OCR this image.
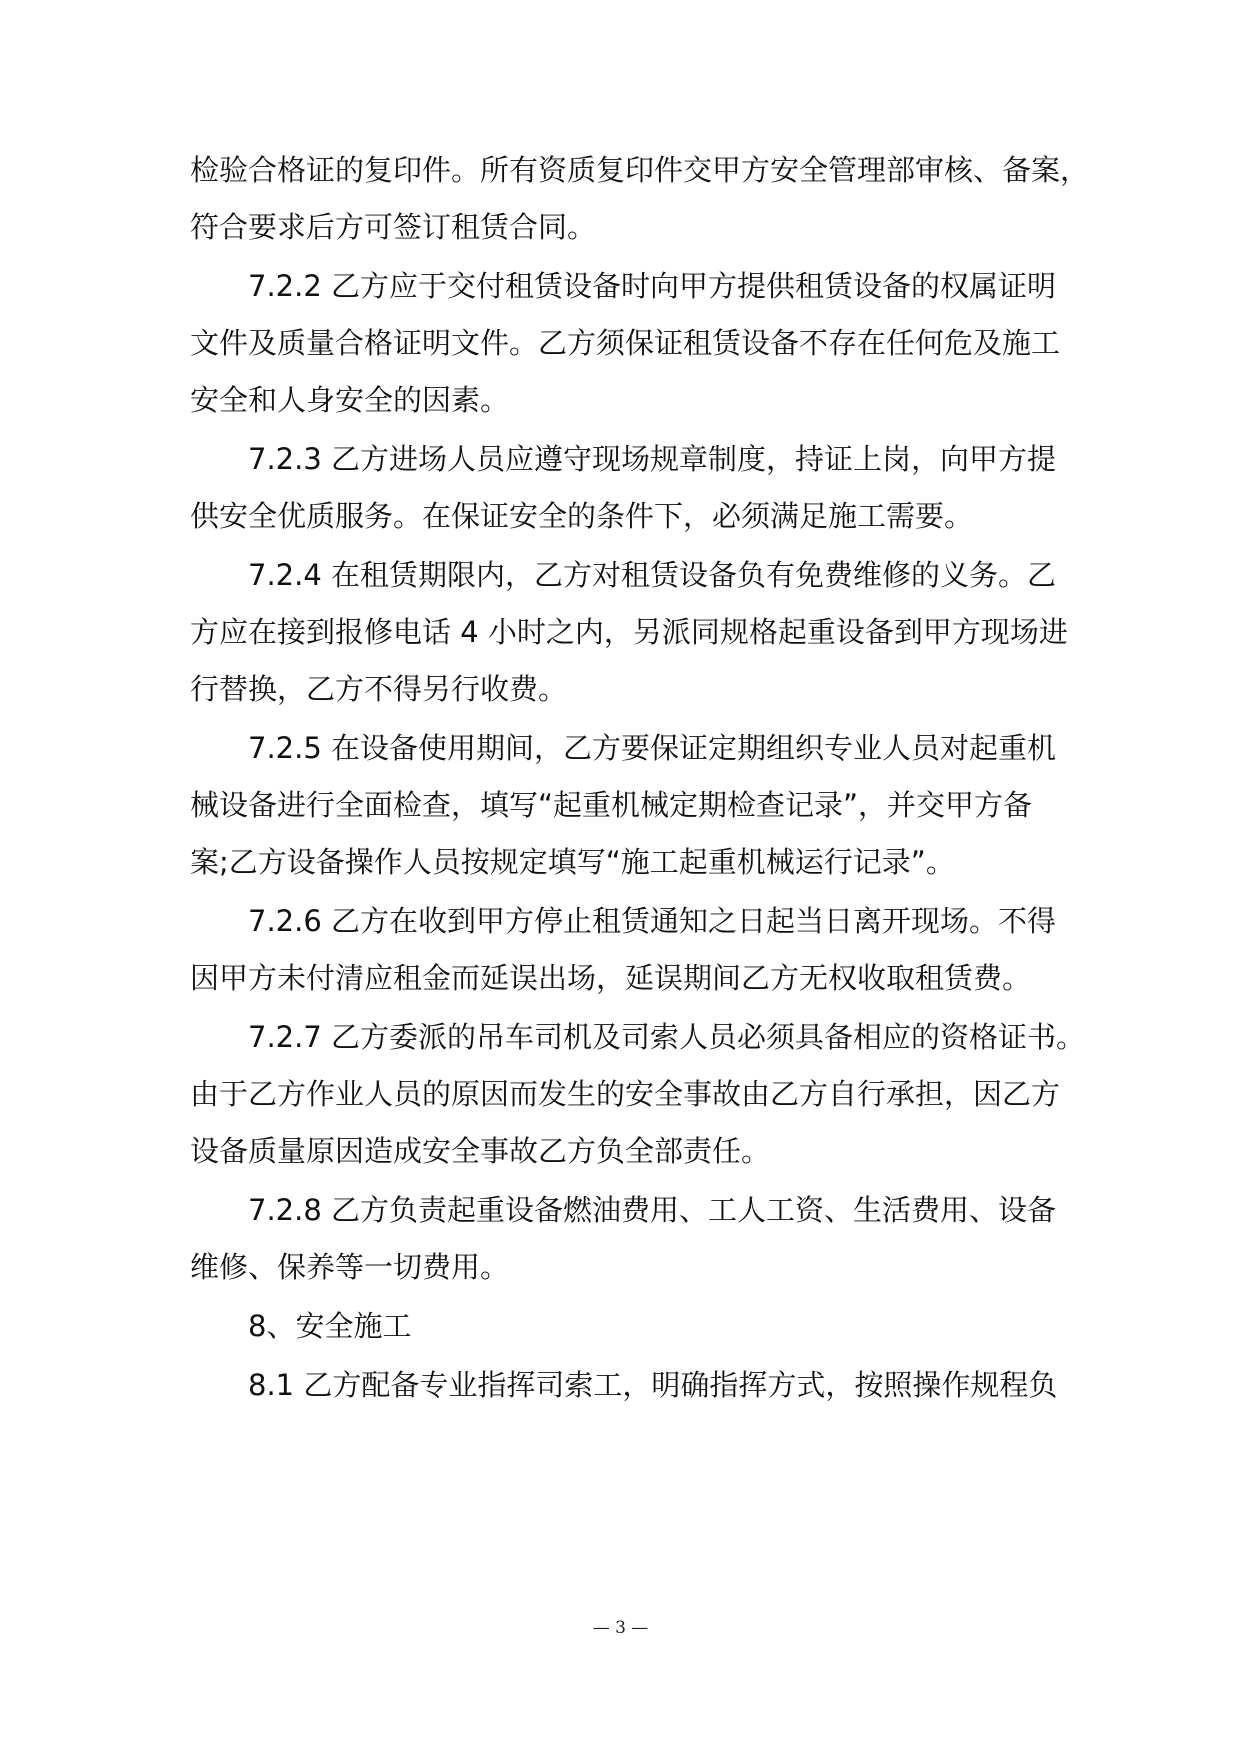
检验合格证的复印件。所有资质复印件交甲方安全管理部审核、备案，
符合要求后方可签订租赁合同。
7.2.2 乙方应于交付租赁设备时向甲方提供租赁设备的权属证明
文件及质量合格证明文件。乙方须保证租赁设备不存在任何危及施工
安全和人身安全的因素。
7.2.3 乙方进场人员应遵守现场规章制度，持证上岗，向甲方提
供安全优质服务。在保证安全的条件下，必须满足施工需要。
7.2.4 在租赁期限内，乙方对租赁设备负有免费维修的义务。乙
方应在接到报修电话 4 小时之内，另派同规格起重设备到甲方现场进
行替换，乙方不得另行收费。
7.2.5 在设备使用期间，乙方要保证定期组织专业人员对起重机
械设备进行全面检查，填写“起重机械定期检查记录”，并交甲方备
案;乙方设备操作人员按规定填写“施工起重机械运行记录”。
7.2.6 乙方在收到甲方停止租赁通知之日起当日离开现场。不得
因甲方未付清应租金而延误出场，延误期间乙方无权收取租赁费。
7.2.7 乙方委派的吊车司机及司索人员必须具备相应的资格证书。
由于乙方作业人员的原因而发生的安全事故由乙方自行承担，因乙方
设备质量原因造成安全事故乙方负全部责任。
7.2.8 乙方负责起重设备燃油费用、工人工资、生活费用、设备
维修、保养等一切费用。
8、安全施工
8.1 乙方配备专业指挥司索工，明确指挥方式，按照操作规程负
— 3 —
